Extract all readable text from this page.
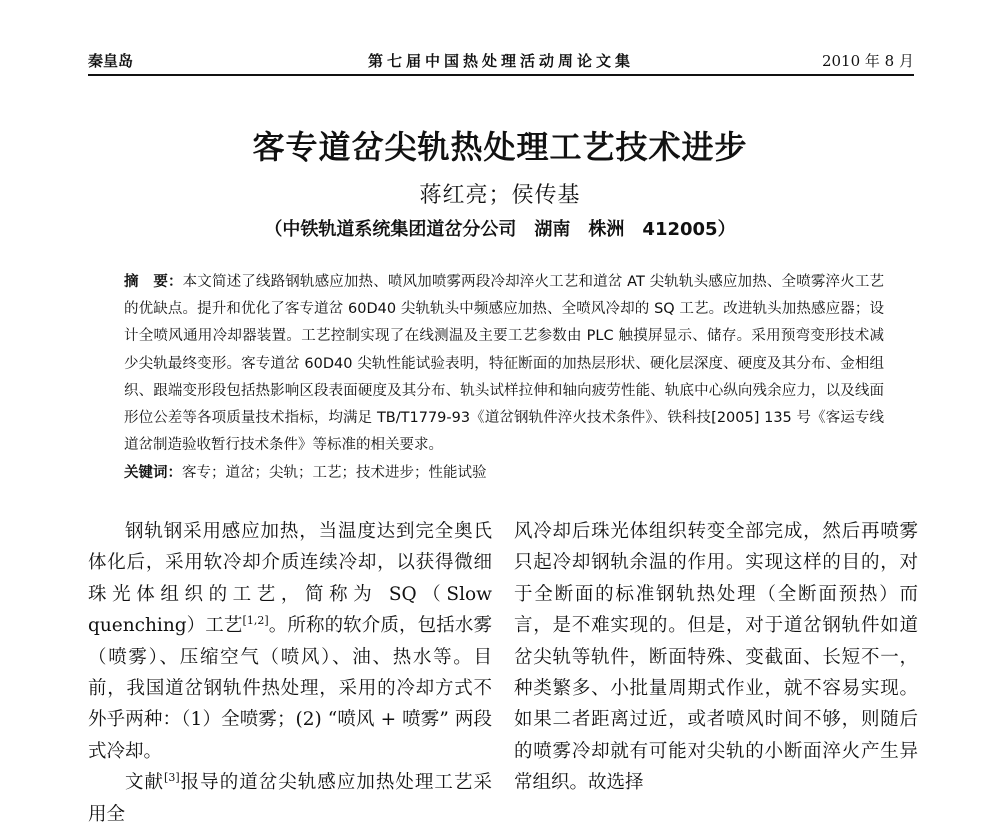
秦皇岛	第七届中国热处理活动周论文集	2010 年 8 月
客专道岔尖轨热处理工艺技术进步
蒋红亮；侯传基
（中铁轨道系统集团道岔分公司　湖南　株洲　412005）
摘　要：本文简述了线路钢轨感应加热、喷风加喷雾两段冷却淬火工艺和道岔 AT 尖轨轨头感应加热、全喷雾淬火工艺的优缺点。提升和优化了客专道岔 60D40 尖轨轨头中频感应加热、全喷风冷却的 SQ 工艺。改进轨头加热感应器；设计全喷风通用冷却器装置。工艺控制实现了在线测温及主要工艺参数由 PLC 触摸屏显示、储存。采用预弯变形技术减少尖轨最终变形。客专道岔 60D40 尖轨性能试验表明，特征断面的加热层形状、硬化层深度、硬度及其分布、金相组织、跟端变形段包括热影响区段表面硬度及其分布、轨头试样拉伸和轴向疲劳性能、轨底中心纵向残余应力，以及线面形位公差等各项质量技术指标，均满足 TB/T1779-93《道岔钢轨件淬火技术条件》、铁科技[2005] 135 号《客运专线道岔制造验收暂行技术条件》等标准的相关要求。
关键词：客专；道岔；尖轨；工艺；技术进步；性能试验

钢轨钢采用感应加热，当温度达到完全奥氏体化后，采用软冷却介质连续冷却，以获得微细珠光体组织的工艺，简称为 SQ（Slow quenching）工艺[1,2]。所称的软介质，包括水雾（喷雾）、压缩空气（喷风）、油、热水等。目前，我国道岔钢轨件热处理，采用的冷却方式不外乎两种：（1）全喷雾；(2) “喷风 + 喷雾” 两段式冷却。

文献[3]报导的道岔尖轨感应加热处理工艺采用全

风冷却后珠光体组织转变全部完成，然后再喷雾只起冷却钢轨余温的作用。实现这样的目的，对于全断面的标准钢轨热处理（全断面预热）而言，是不难实现的。但是，对于道岔钢轨件如道岔尖轨等轨件，断面特殊、变截面、长短不一，种类繁多、小批量周期式作业，就不容易实现。如果二者距离过近，或者喷风时间不够，则随后的喷雾冷却就有可能对尖轨的小断面淬火产生异常组织。故选择
